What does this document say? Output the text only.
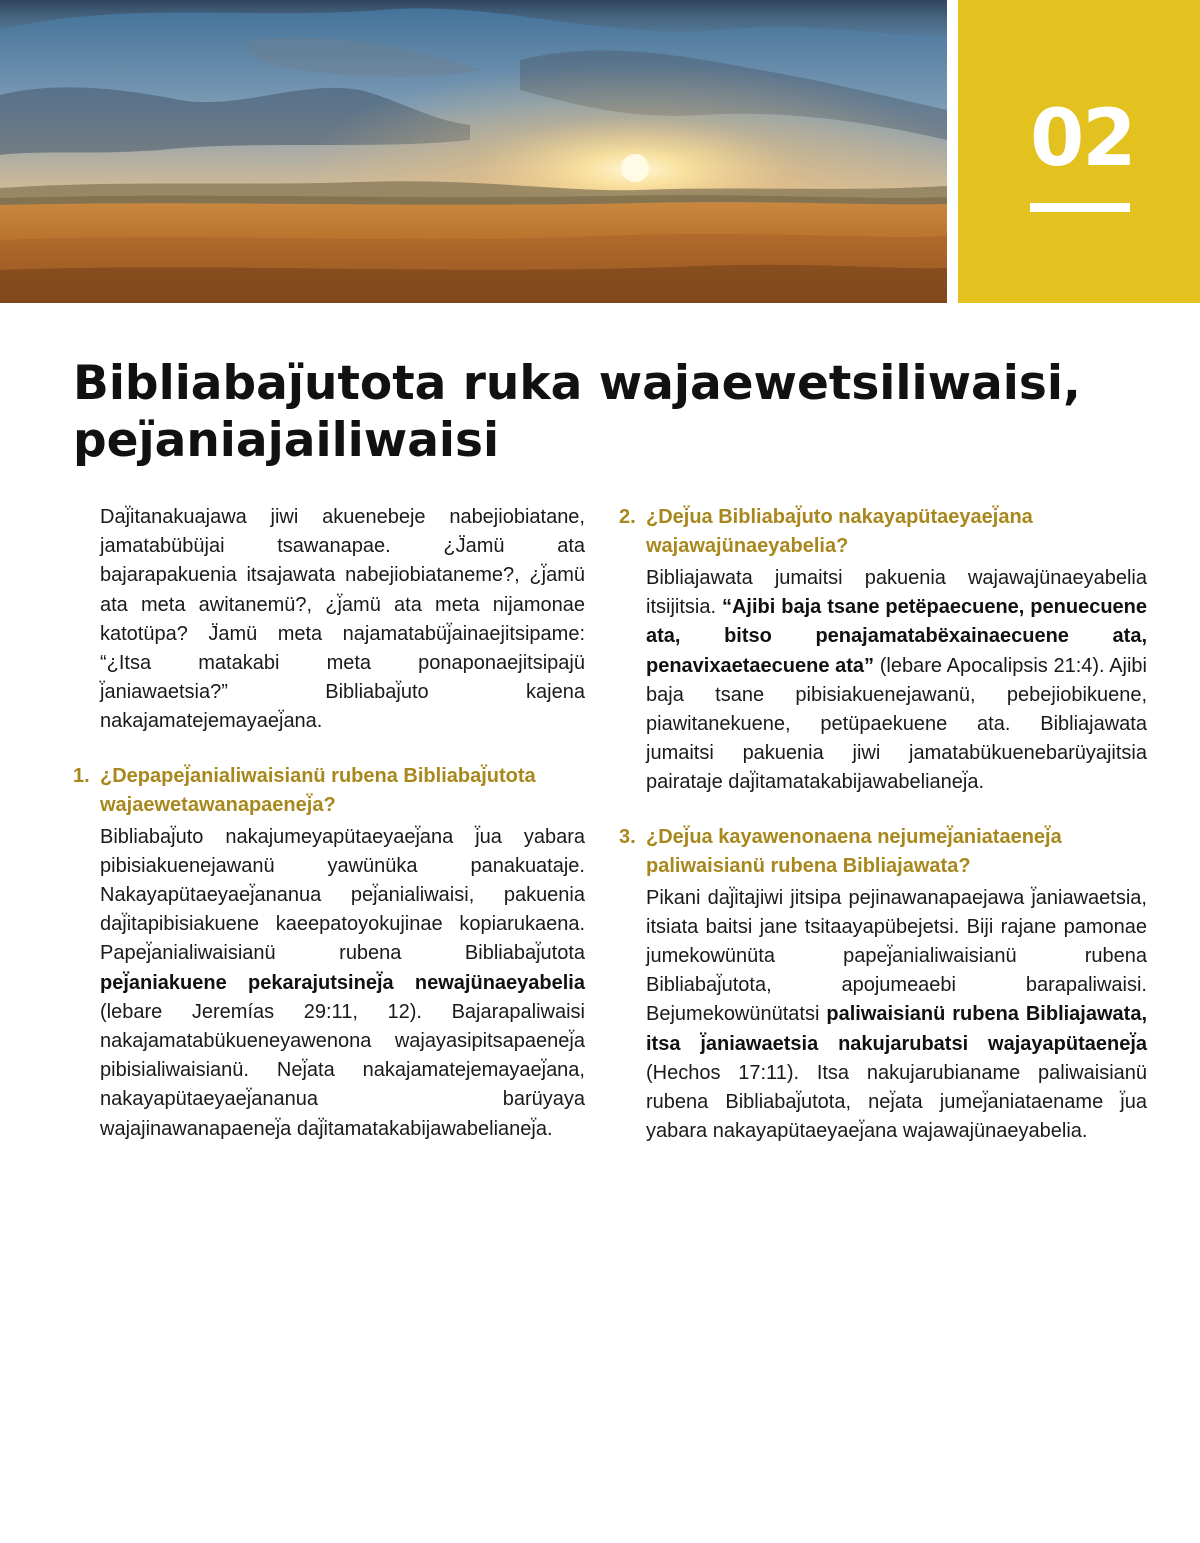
02
Bibliabaj̈utota ruka wajaewetsiliwaisi,
pej̈aniajailiwaisi

Daj̈itanakuajawa jiwi akuenebeje nabejiobiatane, jamatabübüjai tsawanapae. ¿J̈amü ata bajarapakuenia itsajawata nabejiobiataneme?, ¿j̈amü ata meta awitanemü?, ¿j̈amü ata meta nijamonae katotüpa? J̈amü meta najamatabüj̈ainaejitsipame: “¿Itsa matakabi meta ponaponaejitsipajü j̈aniawaetsia?” Bibliabaj̈uto kajena nakajamatejemayaej̈ana.

1. ¿Depapej̈anialiwaisianü rubena Bibliabaj̈utota wajaewetawanapaenej̈a?

Bibliabaj̈uto nakajumeyapütaeyaej̈ana j̈ua yabara pibisiakuenejawanü yawünüka panakuataje. Nakayapütaeyaej̈ananua pej̈anialiwaisi, pakuenia daj̈itapibisiakuene kaeepatoyokujinae kopiarukaena. Papej̈anialiwaisianü rubena Bibliabaj̈utota pej̈aniakuene pekarajutsinej̈a newajünaeyabelia (lebare Jeremías 29:11, 12). Bajarapaliwaisi nakajamatabükueneyawenona wajayasipitsapaenej̈a pibisialiwaisianü. Nej̈ata nakajamatejemayaej̈ana, nakayapütaeyaej̈ananua barüyaya wajajinawanapaenej̈a daj̈itamatakabijawabelianej̈a.

2. ¿Dej̈ua Bibliabaj̈uto nakayapütaeyaej̈ana wajawajünaeyabelia?

Bibliajawata jumaitsi pakuenia wajawajünaeyabelia itsijitsia. “Ajibi baja tsane petëpaecuene, penuecuene ata, bitso penajamatabëxainaecuene ata, penavixaetaecuene ata” (lebare Apocalipsis 21:4). Ajibi baja tsane pibisiakuenejawanü, pebejiobikuene, piawitanekuene, petüpaekuene ata. Bibliajawata jumaitsi pakuenia jiwi jamatabükuenebarüyajitsia pairataje daj̈itamatakabijawabelianej̈a.

3. ¿Dej̈ua kayawenonaena nejumej̈aniataenej̈a paliwaisianü rubena Bibliajawata?

Pikani daj̈itajiwi jitsipa pejinawanapaejawa j̈aniawaetsia, itsiata baitsi jane tsitaayapübejetsi. Biji rajane pamonae jumekowünüta papej̈anialiwaisianü rubena Bibliabaj̈utota, apojumeaebi barapaliwaisi. Bejumekowünütatsi paliwaisianü rubena Bibliajawata, itsa j̈aniawaetsia nakujarubatsi wajayapütaenej̈a (Hechos 17:11). Itsa nakujarubianame paliwaisianü rubena Bibliabaj̈utota, nej̈ata jumej̈aniataename j̈ua yabara nakayapütaeyaej̈ana wajawajünaeyabelia.
